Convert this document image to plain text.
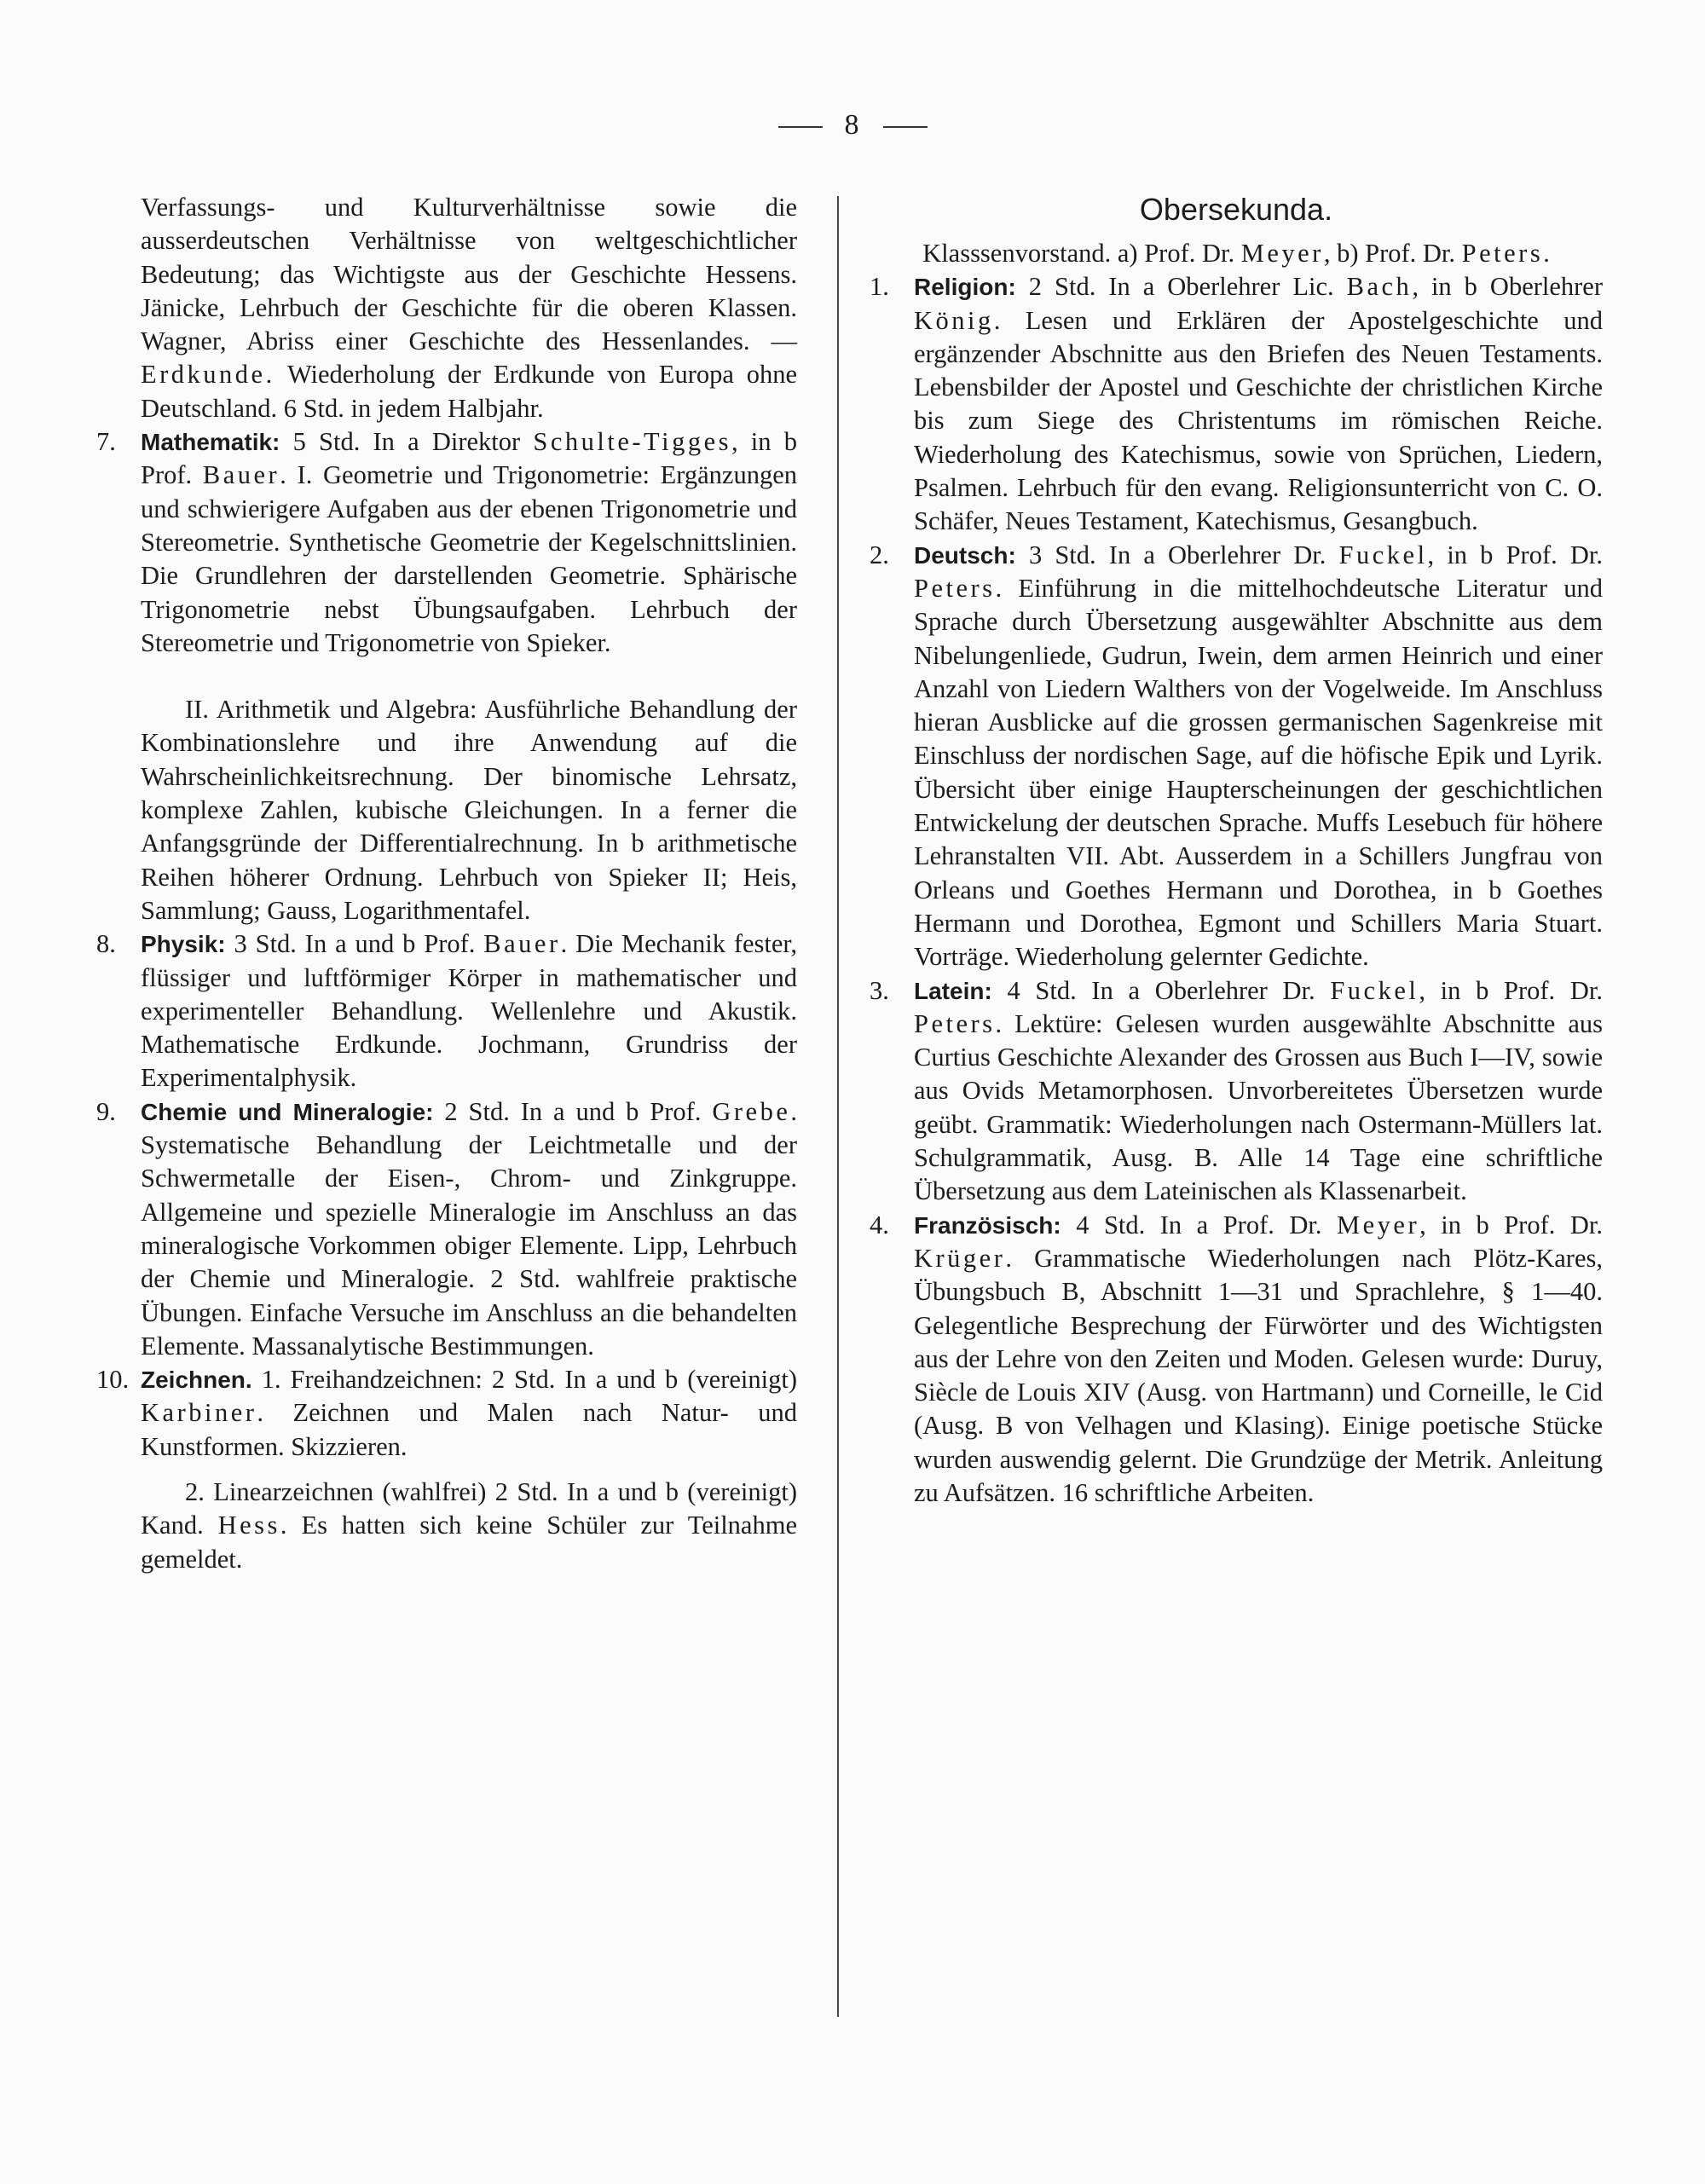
8

Verfassungs- und Kulturverhältnisse sowie die ausserdeutschen Verhältnisse von weltgeschichtlicher Bedeutung; das Wichtigste aus der Geschichte Hessens. Jänicke, Lehrbuch der Geschichte für die oberen Klassen. Wagner, Abriss einer Geschichte des Hessenlandes. — Erdkunde. Wiederholung der Erdkunde von Europa ohne Deutschland. 6 Std. in jedem Halbjahr.

7. Mathematik: 5 Std. In a Direktor Schulte-Tigges, in b Prof. Bauer. I. Geometrie und Trigonometrie: Ergänzungen und schwierigere Aufgaben aus der ebenen Trigonometrie und Stereometrie. Synthetische Geometrie der Kegelschnittslinien. Die Grundlehren der darstellenden Geometrie. Sphärische Trigonometrie nebst Übungsaufgaben. Lehrbuch der Stereometrie und Trigonometrie von Spieker.

II. Arithmetik und Algebra: Ausführliche Behandlung der Kombinationslehre und ihre Anwendung auf die Wahrscheinlichkeitsrechnung. Der binomische Lehrsatz, komplexe Zahlen, kubische Gleichungen. In a ferner die Anfangsgründe der Differentialrechnung. In b arithmetische Reihen höherer Ordnung. Lehrbuch von Spieker II; Heis, Sammlung; Gauss, Logarithmentafel.

8. Physik: 3 Std. In a und b Prof. Bauer. Die Mechanik fester, flüssiger und luftförmiger Körper in mathematischer und experimenteller Behandlung. Wellenlehre und Akustik. Mathematische Erdkunde. Jochmann, Grundriss der Experimentalphysik.

9. Chemie und Mineralogie: 2 Std. In a und b Prof. Grebe. Systematische Behandlung der Leichtmetalle und der Schwermetalle der Eisen-, Chrom- und Zinkgruppe. Allgemeine und spezielle Mineralogie im Anschluss an das mineralogische Vorkommen obiger Elemente. Lipp, Lehrbuch der Chemie und Mineralogie. 2 Std. wahlfreie praktische Übungen. Einfache Versuche im Anschluss an die behandelten Elemente. Massanalytische Bestimmungen.

10. Zeichnen. 1. Freihandzeichnen: 2 Std. In a und b (vereinigt) Karbiner. Zeichnen und Malen nach Natur- und Kunstformen. Skizzieren.

2. Linearzeichnen (wahlfrei) 2 Std. In a und b (vereinigt) Kand. Hess. Es hatten sich keine Schüler zur Teilnahme gemeldet.

Obersekunda.

Klasssenvorstand. a) Prof. Dr. Meyer, b) Prof. Dr. Peters.

1. Religion: 2 Std. In a Oberlehrer Lic. Bach, in b Oberlehrer König. Lesen und Erklären der Apostelgeschichte und ergänzender Abschnitte aus den Briefen des Neuen Testaments. Lebensbilder der Apostel und Geschichte der christlichen Kirche bis zum Siege des Christentums im römischen Reiche. Wiederholung des Katechismus, sowie von Sprüchen, Liedern, Psalmen. Lehrbuch für den evang. Religionsunterricht von C. O. Schäfer, Neues Testament, Katechismus, Gesangbuch.

2. Deutsch: 3 Std. In a Oberlehrer Dr. Fuckel, in b Prof. Dr. Peters. Einführung in die mittelhochdeutsche Literatur und Sprache durch Übersetzung ausgewählter Abschnitte aus dem Nibelungenliede, Gudrun, Iwein, dem armen Heinrich und einer Anzahl von Liedern Walthers von der Vogelweide. Im Anschluss hieran Ausblicke auf die grossen germanischen Sagenkreise mit Einschluss der nordischen Sage, auf die höfische Epik und Lyrik. Übersicht über einige Haupterscheinungen der geschichtlichen Entwickelung der deutschen Sprache. Muffs Lesebuch für höhere Lehranstalten VII. Abt. Ausserdem in a Schillers Jungfrau von Orleans und Goethes Hermann und Dorothea, in b Goethes Hermann und Dorothea, Egmont und Schillers Maria Stuart. Vorträge. Wiederholung gelernter Gedichte.

3. Latein: 4 Std. In a Oberlehrer Dr. Fuckel, in b Prof. Dr. Peters. Lektüre: Gelesen wurden ausgewählte Abschnitte aus Curtius Geschichte Alexander des Grossen aus Buch I—IV, sowie aus Ovids Metamorphosen. Unvorbereitetes Übersetzen wurde geübt. Grammatik: Wiederholungen nach Ostermann-Müllers lat. Schulgrammatik, Ausg. B. Alle 14 Tage eine schriftliche Übersetzung aus dem Lateinischen als Klassenarbeit.

4. Französisch: 4 Std. In a Prof. Dr. Meyer, in b Prof. Dr. Krüger. Grammatische Wiederholungen nach Plötz-Kares, Übungsbuch B, Abschnitt 1—31 und Sprachlehre, § 1—40. Gelegentliche Besprechung der Fürwörter und des Wichtigsten aus der Lehre von den Zeiten und Moden. Gelesen wurde: Duruy, Siècle de Louis XIV (Ausg. von Hartmann) und Corneille, le Cid (Ausg. B von Velhagen und Klasing). Einige poetische Stücke wurden auswendig gelernt. Die Grundzüge der Metrik. Anleitung zu Aufsätzen. 16 schriftliche Arbeiten.
